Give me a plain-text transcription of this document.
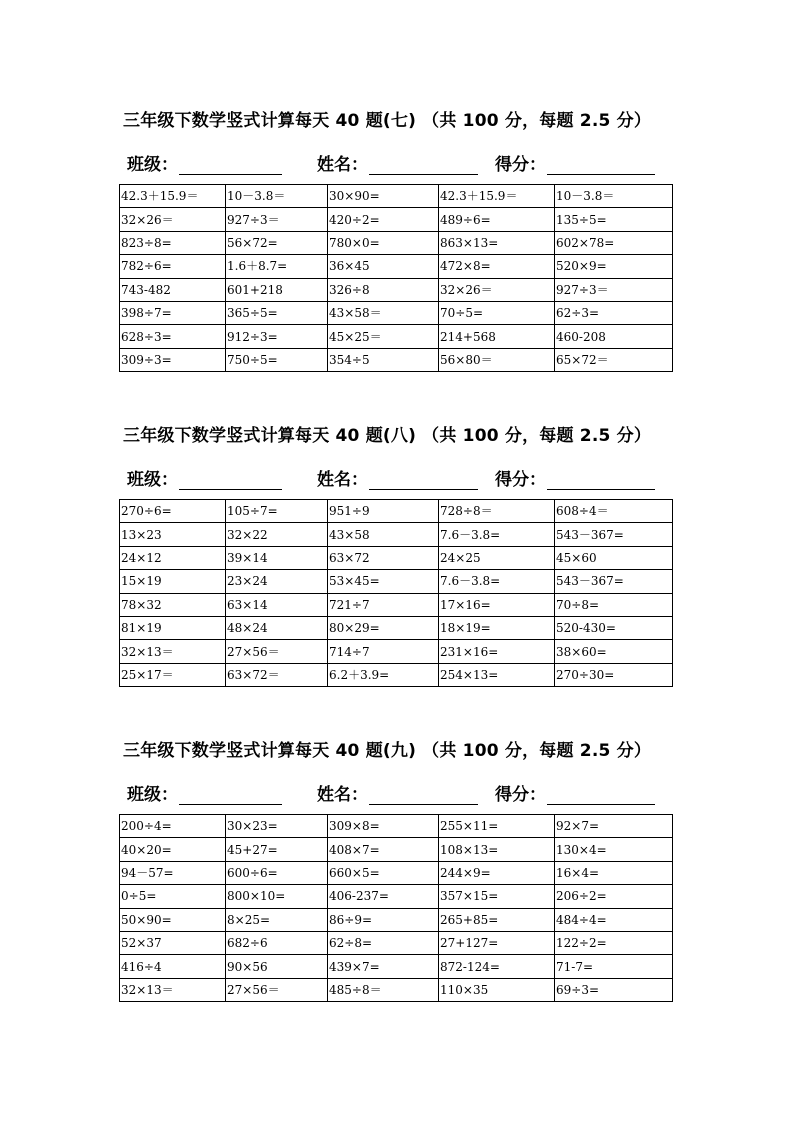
三年级下数学竖式计算每天 40 题(七) （共 100 分，每题 2.5 分）
班级：	姓名：	得分：
42.3＋15.9＝	10－3.8＝	30×90=	42.3＋15.9＝	10－3.8＝
32×26＝	927÷3＝	420÷2=	489÷6=	135÷5=
823÷8=	56×72=	780×0=	863×13=	602×78=
782÷6=	1.6＋8.7=	36×45	472×8=	520×9=
743-482	601+218	326÷8	32×26＝	927÷3＝
398÷7=	365÷5=	43×58＝	70÷5=	62÷3=
628÷3=	912÷3=	45×25＝	214+568	460-208
309÷3=	750÷5=	354÷5	56×80＝	65×72＝
三年级下数学竖式计算每天 40 题(八) （共 100 分，每题 2.5 分）
班级：	姓名：	得分：
270÷6=	105÷7=	951÷9	728÷8＝	608÷4＝
13×23	32×22	43×58	7.6－3.8=	543－367=
24×12	39×14	63×72	24×25	45×60
15×19	23×24	53×45=	7.6－3.8=	543－367=
78×32	63×14	721÷7	17×16=	70÷8=
81×19	48×24	80×29=	18×19=	520-430=
32×13＝	27×56＝	714÷7	231×16=	38×60=
25×17＝	63×72＝	6.2＋3.9=	254×13=	270÷30=
三年级下数学竖式计算每天 40 题(九) （共 100 分，每题 2.5 分）
班级：	姓名：	得分：
200÷4=	30×23=	309×8=	255×11=	92×7=
40×20=	45+27=	408×7=	108×13=	130×4=
94－57=	600÷6=	660×5=	244×9=	16×4=
0÷5=	800×10=	406-237=	357×15=	206÷2=
50×90=	8×25=	86÷9=	265+85=	484÷4=
52×37	682÷6	62÷8=	27+127=	122÷2=
416÷4	90×56	439×7=	872-124=	71-7=
32×13＝	27×56＝	485÷8＝	110×35	69÷3=
